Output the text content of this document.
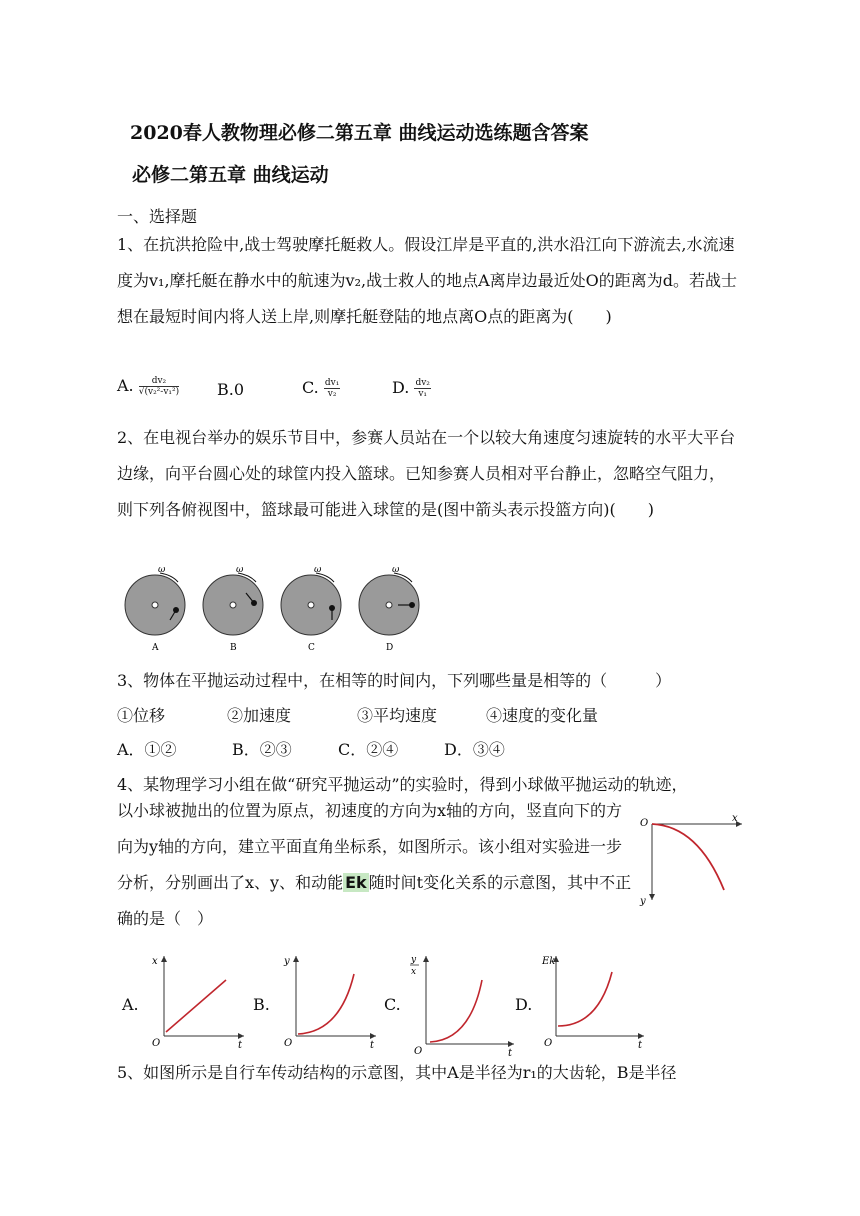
2020春人教物理必修二第五章 曲线运动选练题含答案
必修二第五章 曲线运动
一、选择题
1、在抗洪抢险中,战士驾驶摩托艇救人。假设江岸是平直的,洪水沿江向下游流去,水流速度为v₁,摩托艇在静水中的航速为v₂,战士救人的地点A离岸边最近处O的距离为d。若战士想在最短时间内将人送上岸,则摩托艇登陆的地点离O点的距离为(　　)
A. $\frac{\text{dv₂}}{\text{√(v₂²-v₁²)}} B.0$	C. $\frac{\text{dv₁}}{\text{v₂}}$	D. $\frac{\text{dv₂}}{\text{v₁}}$
2、在电视台举办的娱乐节目中，参赛人员站在一个以较大角速度匀速旋转的水平大平台边缘，向平台圆心处的球筐内投入篮球。已知参赛人员相对平台静止，忽略空气阻力，则下列各俯视图中，篮球最可能进入球筐的是(图中箭头表示投篮方向)(　　)
ω
A
ω
B
ω
C
ω
D
3、物体在平抛运动过程中，在相等的时间内，下列哪些量是相等的（　　　）
①位移	②加速度	③平均速度	④速度的变化量
A．①②	B．②③	C．②④	D．③④
4、某物理学习小组在做“研究平抛运动”的实验时，得到小球做平抛运动的轨迹，
以小球被抛出的位置为原点，初速度的方向为x轴的方向，竖直向下的方向为y轴的方向，建立平面直角坐标系，如图所示。该小组对实验进一步分析，分别画出了x、y、和动能 Ek 随时间t变化关系的示意图，其中不正确的是（　）
O	x
y
A.	B.	C.	D.
O
x
t	O
y
t
O
y
x
t
O
Ek
t
5、如图所示是自行车传动结构的示意图，其中A是半径为r₁的大齿轮，B是半径
